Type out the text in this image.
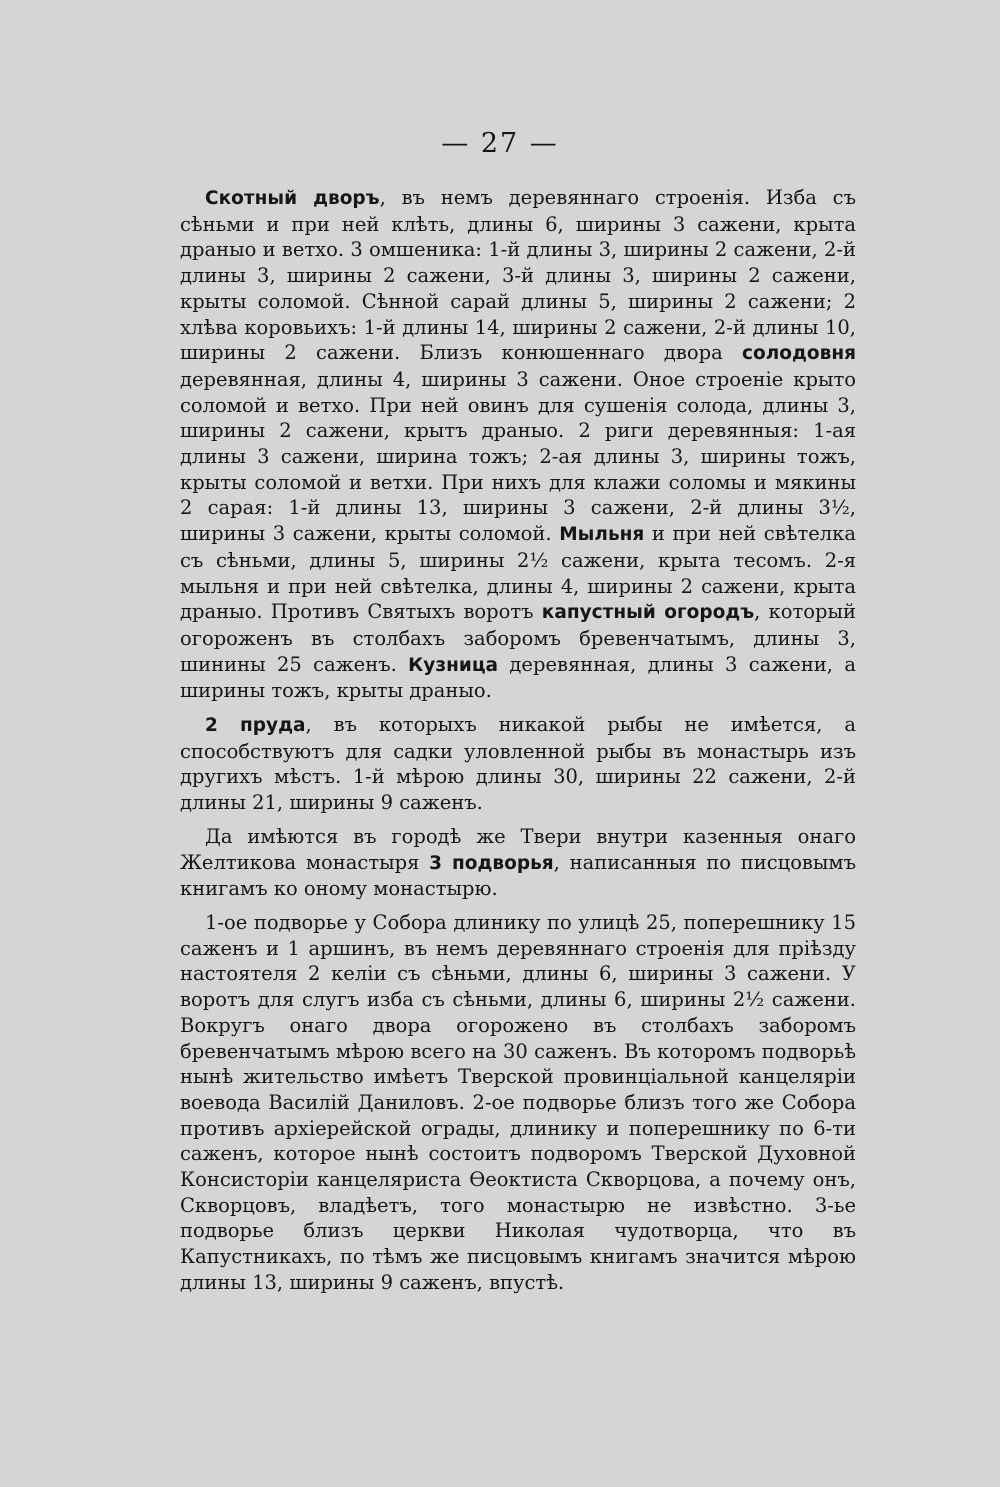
— 27 —

Скотный дворъ, въ немъ деревяннаго строенія. Изба съ сѣньми и при ней клѣть, длины 6, ширины 3 сажени, крыта драныо и ветхо. 3 омшеника: 1-й длины 3, ширины 2 сажени, 2-й длины 3, ширины 2 сажени, 3-й длины 3, ширины 2 сажени, крыты соломой. Сѣнной сарай длины 5, ширины 2 сажени; 2 хлѣва коровьихъ: 1-й длины 14, ширины 2 сажени, 2-й длины 10, ширины 2 сажени. Близъ конюшеннаго двора солодовня деревянная, длины 4, ширины 3 сажени. Оное строеніе крыто соломой и ветхо. При ней овинъ для сушенія солода, длины 3, ширины 2 сажени, крытъ драныо. 2 риги деревянныя: 1-ая длины 3 сажени, ширина тожъ; 2-ая длины 3, ширины тожъ, крыты соломой и ветхи. При нихъ для клажи соломы и мякины 2 сарая: 1-й длины 13, ширины 3 сажени, 2-й длины 3½, ширины 3 сажени, крыты соломой. Мыльня и при ней свѣтелка съ сѣньми, длины 5, ширины 2½ сажени, крыта тесомъ. 2-я мыльня и при ней свѣтелка, длины 4, ширины 2 сажени, крыта драныо. Противъ Святыхъ воротъ капустный огородъ, который огороженъ въ столбахъ заборомъ бревенчатымъ, длины 3, шинины 25 саженъ. Кузница деревянная, длины 3 сажени, а ширины тожъ, крыты драныо.

2 пруда, въ которыхъ никакой рыбы не имѣется, а способствуютъ для садки уловленной рыбы въ монастырь изъ другихъ мѣстъ. 1-й мѣрою длины 30, ширины 22 сажени, 2-й длины 21, ширины 9 саженъ.

Да имѣются въ городѣ же Твери внутри казенныя онаго Желтикова монастыря 3 подворья, написанныя по писцовымъ книгамъ ко оному монастырю.

1-ое подворье у Собора длинику по улицѣ 25, поперешнику 15 саженъ и 1 аршинъ, въ немъ деревяннаго строенія для пріѣзду настоятеля 2 келіи съ сѣньми, длины 6, ширины 3 сажени. У воротъ для слугъ изба съ сѣньми, длины 6, ширины 2½ сажени. Вокругъ онаго двора огорожено въ столбахъ заборомъ бревенчатымъ мѣрою всего на 30 саженъ. Въ которомъ подворьѣ нынѣ жительство имѣетъ Тверской провинціальной канцеляріи воевода Василій Даниловъ. 2-ое подворье близъ того же Собора противъ архіерейской ограды, длинику и поперешнику по 6-ти саженъ, которое нынѣ состоитъ подворомъ Тверской Духовной Консисторіи канцеляриста Ѳеоктиста Скворцова, а почему онъ, Скворцовъ, владѣетъ, того монастырю не извѣстно. 3-ье подворье близъ церкви Николая чудотворца, что въ Капустникахъ, по тѣмъ же писцовымъ книгамъ значится мѣрою длины 13, ширины 9 саженъ, впустѣ.
